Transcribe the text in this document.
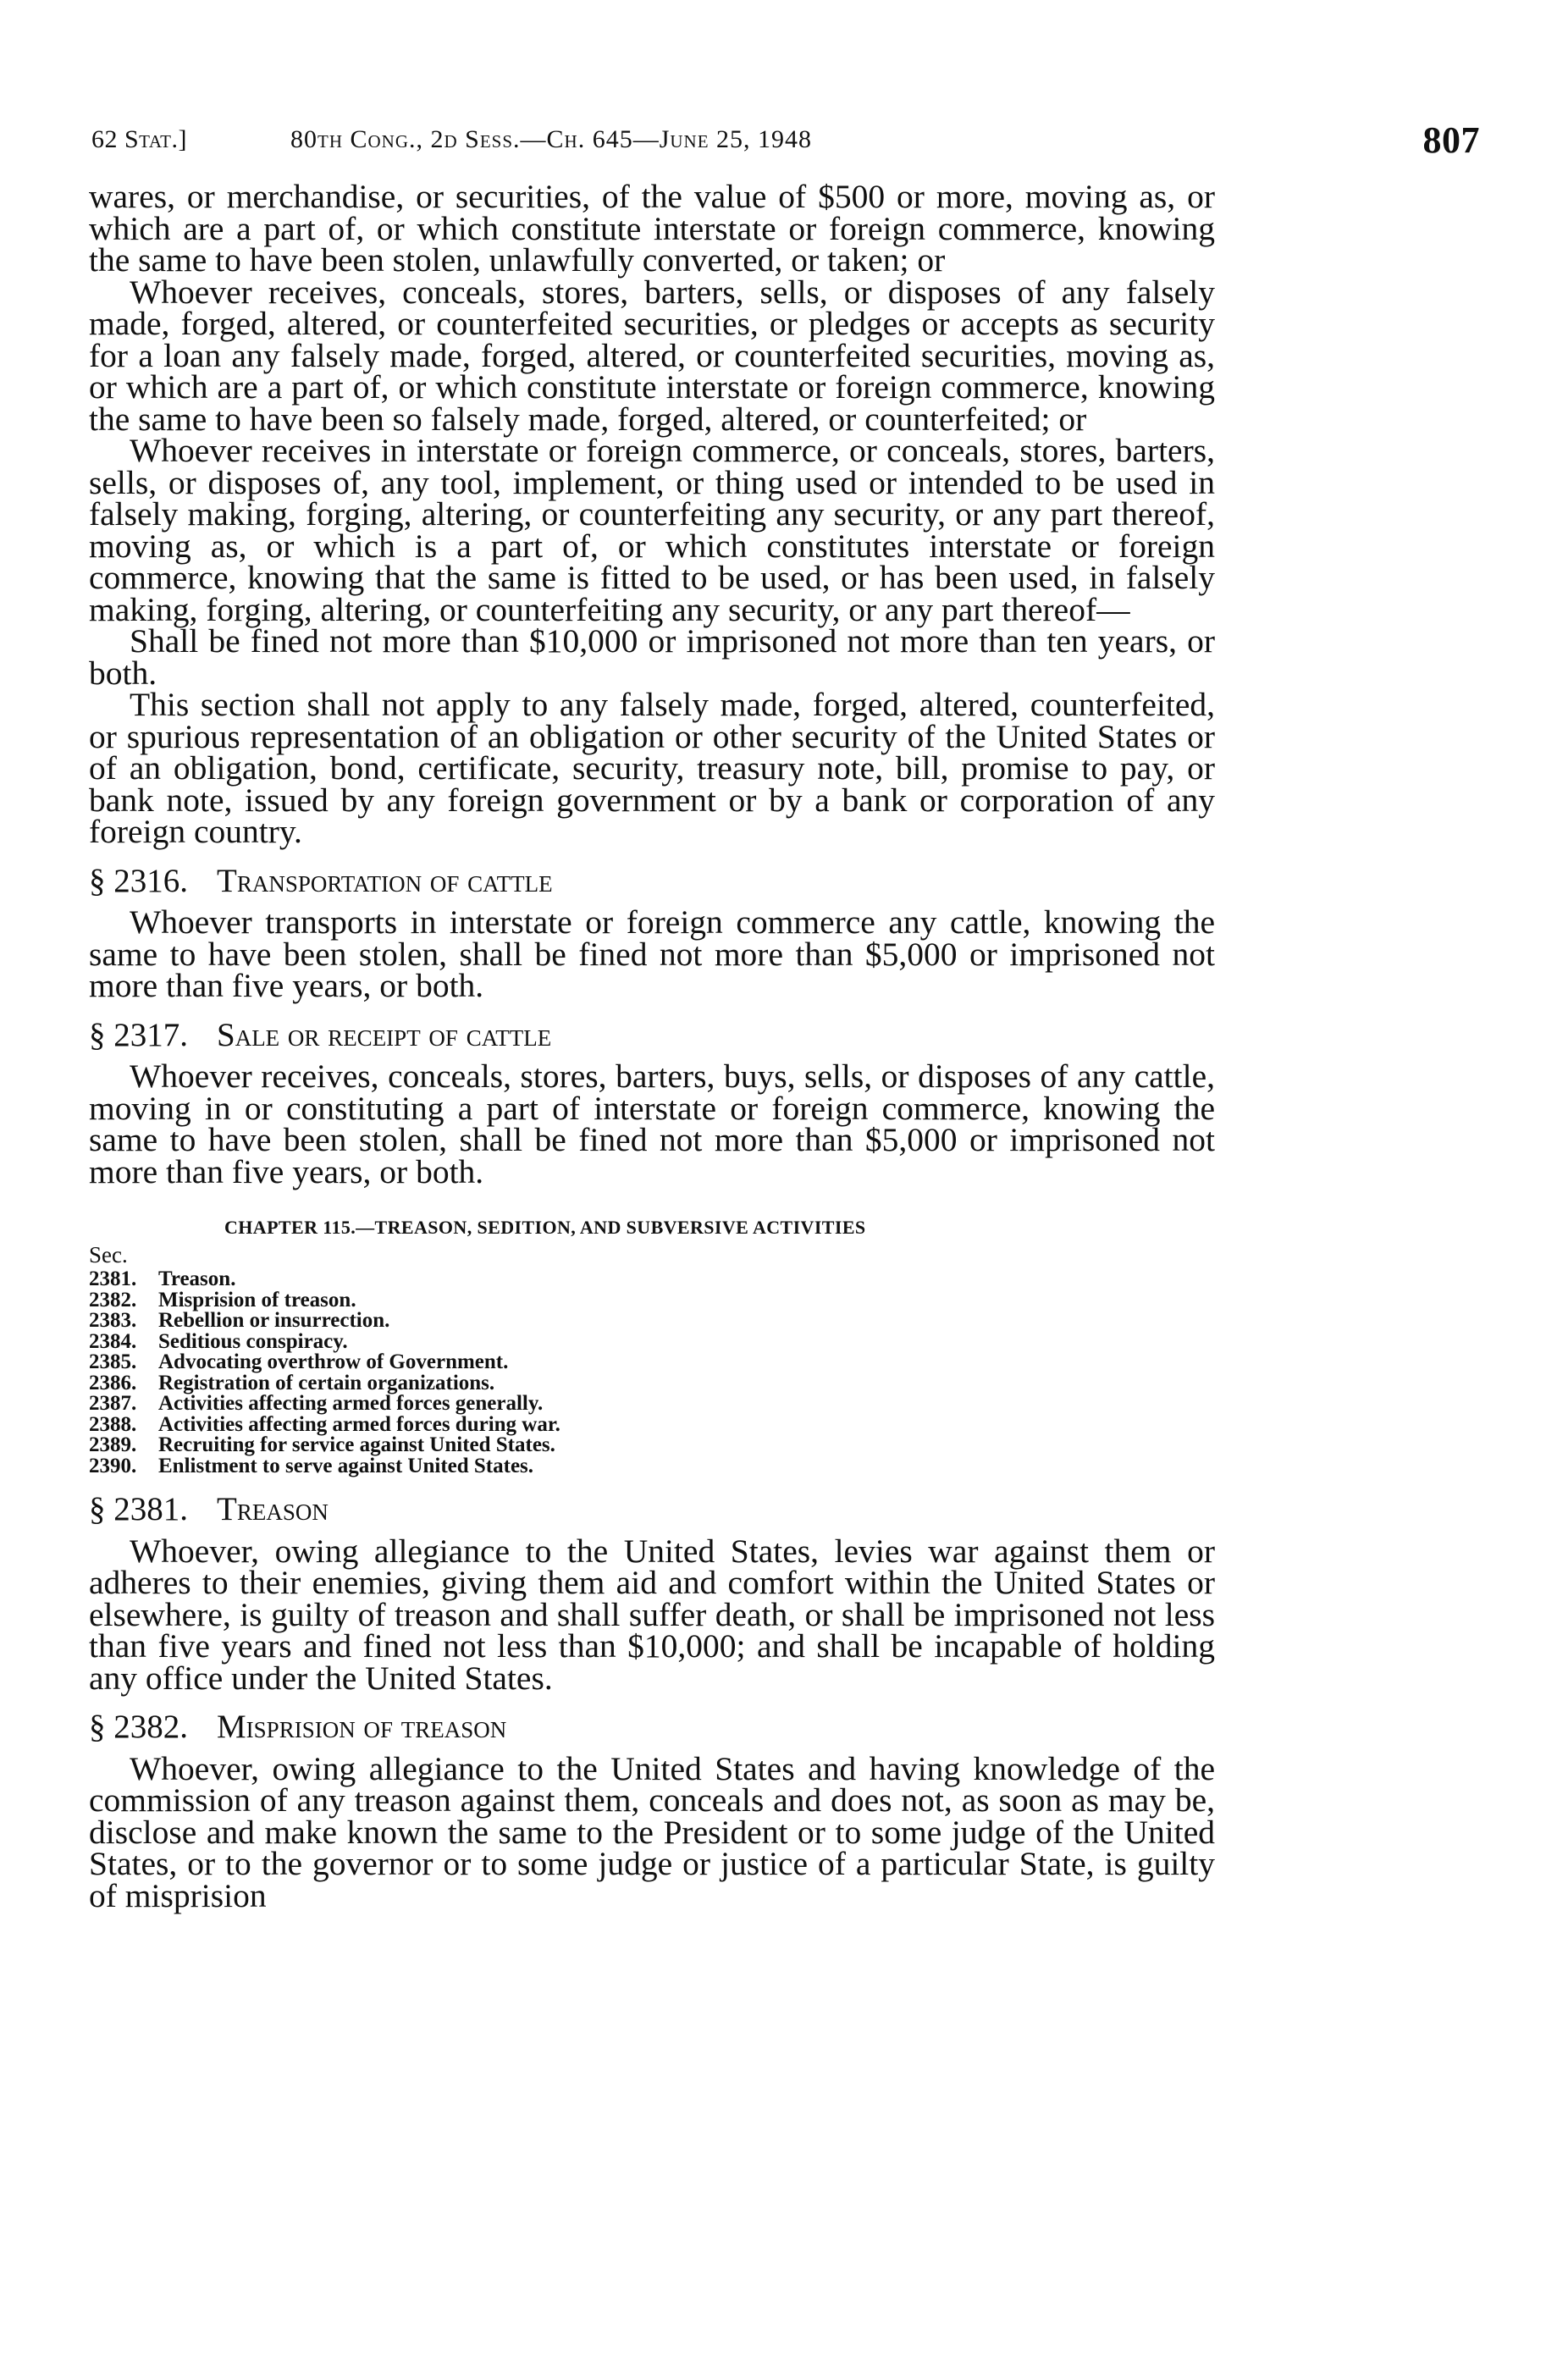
62 Stat.]	80th Cong., 2d Sess.—Ch. 645—June 25, 1948	807

wares, or merchandise, or securities, of the value of $500 or more, moving as, or which are a part of, or which constitute interstate or foreign commerce, knowing the same to have been stolen, unlawfully converted, or taken; or

Whoever receives, conceals, stores, barters, sells, or disposes of any falsely made, forged, altered, or counterfeited securities, or pledges or accepts as security for a loan any falsely made, forged, altered, or counterfeited securities, moving as, or which are a part of, or which constitute interstate or foreign commerce, knowing the same to have been so falsely made, forged, altered, or counterfeited; or

Whoever receives in interstate or foreign commerce, or conceals, stores, barters, sells, or disposes of, any tool, implement, or thing used or intended to be used in falsely making, forging, altering, or counterfeiting any security, or any part thereof, moving as, or which is a part of, or which constitutes interstate or foreign commerce, knowing that the same is fitted to be used, or has been used, in falsely making, forging, altering, or counterfeiting any security, or any part thereof—

Shall be fined not more than $10,000 or imprisoned not more than ten years, or both.

This section shall not apply to any falsely made, forged, altered, counterfeited, or spurious representation of an obligation or other security of the United States or of an obligation, bond, certificate, security, treasury note, bill, promise to pay, or bank note, issued by any foreign government or by a bank or corporation of any foreign country.

§ 2316. Transportation of cattle

Whoever transports in interstate or foreign commerce any cattle, knowing the same to have been stolen, shall be fined not more than $5,000 or imprisoned not more than five years, or both.

§ 2317. Sale or receipt of cattle

Whoever receives, conceals, stores, barters, buys, sells, or disposes of any cattle, moving in or constituting a part of interstate or foreign commerce, knowing the same to have been stolen, shall be fined not more than $5,000 or imprisoned not more than five years, or both.

CHAPTER 115.—TREASON, SEDITION, AND SUBVERSIVE ACTIVITIES
Sec.
2381.	Treason.
2382.	Misprision of treason.
2383.	Rebellion or insurrection.
2384.	Seditious conspiracy.
2385.	Advocating overthrow of Government.
2386.	Registration of certain organizations.
2387.	Activities affecting armed forces generally.
2388.	Activities affecting armed forces during war.
2389.	Recruiting for service against United States.
2390.	Enlistment to serve against United States.
§ 2381. Treason

Whoever, owing allegiance to the United States, levies war against them or adheres to their enemies, giving them aid and comfort within the United States or elsewhere, is guilty of treason and shall suffer death, or shall be imprisoned not less than five years and fined not less than $10,000; and shall be incapable of holding any office under the United States.

§ 2382. Misprision of treason

Whoever, owing allegiance to the United States and having knowledge of the commission of any treason against them, conceals and does not, as soon as may be, disclose and make known the same to the President or to some judge of the United States, or to the governor or to some judge or justice of a particular State, is guilty of misprision
